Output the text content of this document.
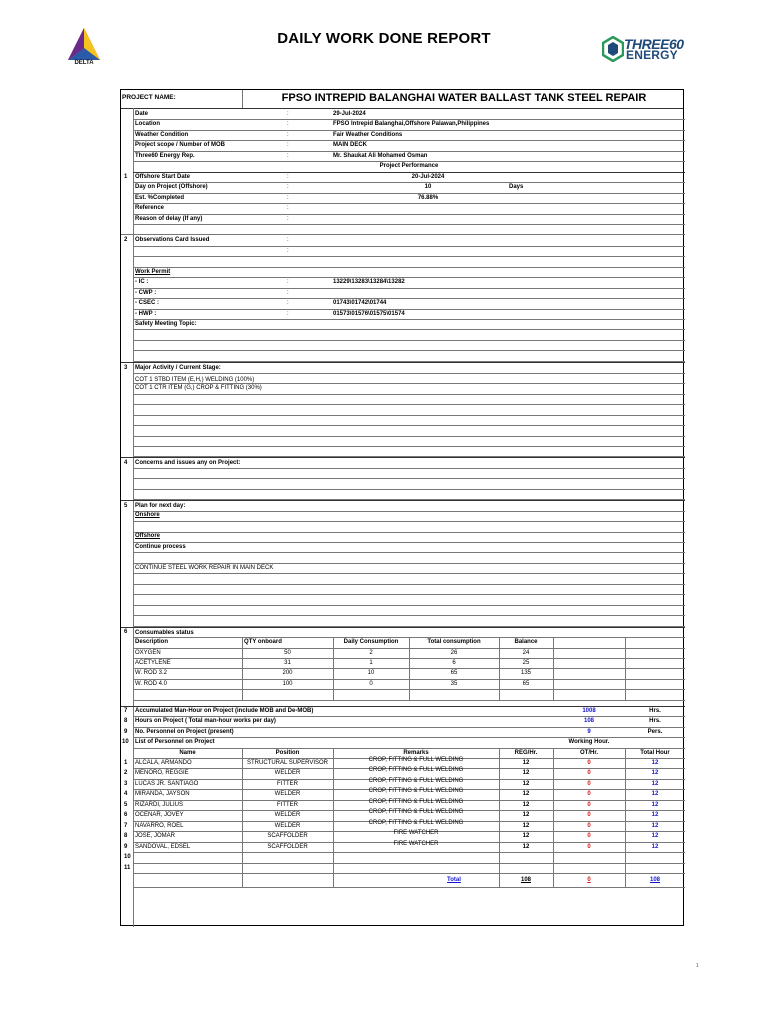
DELTA
DAILY WORK DONE REPORT	THREE60
ENERGY
PROJECT NAME:	FPSO INTREPID BALANGHAI WATER BALLAST TANK STEEL REPAIR
Date	:	29-Jul-2024
Location	:	FPSO Intrepid Balanghai,Offshore Palawan,Philippines
Weather Condition	:	Fair Weather Conditions
Project scope / Number of MOB	:	MAIN DECK
Three60 Energy Rep.	:	Mr. Shaukat Ali Mohamed Osman
Project Performance
1 Offshore Start Date	:	20-Jul-2024
Day on Project (Offshore)	:	10	Days
Est. %Completed	:	76.88%
Reference	:
Reason of delay (If any)	:
2 Observations Card Issued	:
:
Work Permit
- IC :	:	13229\13283\13284\13282
- CWP :	:
- CSEC :	:	01743\01742\01744
- HWP :	:	01573\01576\01575\01574
Safety Meeting Topic:
3 Major Activity / Current Stage:
COT 1 STBD ITEM (E,H,) WELDING (100%)
COT 1 CTR ITEM (G,) CROP & FITTING (30%)
4 Concerns and issues any on Project:
5 Plan for next day:
Onshore
Offshore
Continue process
CONTINUE STEEL WORK REPAIR IN MAIN DECK
6 Consumables status
Description	QTY onboard	Daily Consumption	Total consumption	Balance
OXYGEN	50	2	26	24
ACETYLENE	31	1	6	25
W. ROD 3.2	200	10	65	135
W. ROD 4.0	100	0	35	65
7 Accumulated Man-Hour on Project (include MOB and De-MOB)	1008	Hrs.
8 Hours on Project ( Total man-hour works per day)	108	Hrs.
9 No. Personnel on Project (present)	9	Pers.
10 List of Personnel on Project	Working Hour.
Name	Position	Remarks	REG/Hr.	OT/Hr.	Total Hour
1 ALCALA, ARMANDO	STRUCTURAL SUPERVISOR	CROP, FITTING & FULL WELDING	12	0	12
2 MENORO, REGGIE	WELDER	CROP, FITTING & FULL WELDING	12	0	12
3 LUCAS JR. SANTIAGO	FITTER	CROP, FITTING & FULL WELDING	12	0	12
4 MIRANDA, JAYSON	WELDER	CROP, FITTING & FULL WELDING	12	0	12
5 RIZARDI, JULIUS	FITTER	CROP, FITTING & FULL WELDING	12	0	12
6 OCENAR, JOVEY	WELDER	CROP, FITTING & FULL WELDING	12	0	12
7 NAVARRO, ROEL	WELDER	CROP, FITTING & FULL WELDING	12	0	12
8 JOSE, JOMAR	SCAFFOLDER	FIRE WATCHER	12	0	12
9 SANDOVAL, EDSEL	SCAFFOLDER	FIRE WATCHER	12	0	12
10
11
Total	108	0	108
1
